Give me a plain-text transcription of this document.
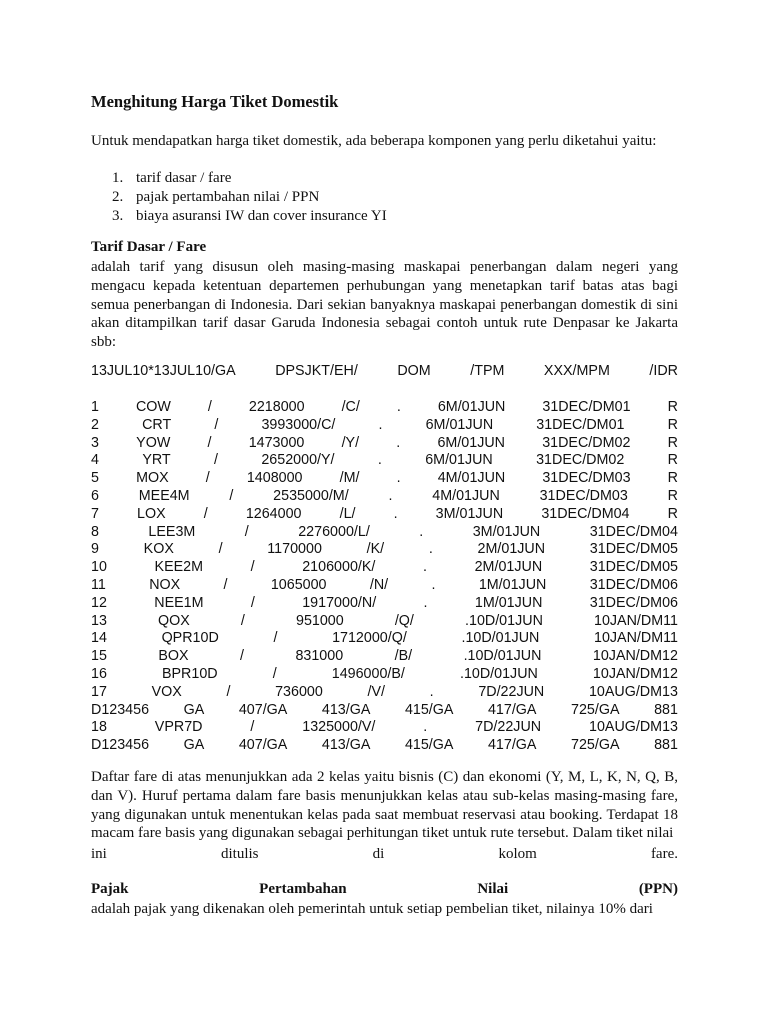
Menghitung Harga Tiket Domestik

Untuk mendapatkan harga tiket domestik, ada beberapa komponen yang perlu diketahui yaitu:

1. tarif dasar / fare
2. pajak pertambahan nilai / PPN
3. biaya asuransi IW dan cover insurance YI

Tarif Dasar / Fare

adalah tarif yang disusun oleh masing-masing maskapai penerbangan dalam negeri yang mengacu kepada ketentuan departemen perhubungan yang menetapkan tarif batas atas bagi semua penerbangan di Indonesia. Dari sekian banyaknya maskapai penerbangan domestik di sini akan ditampilkan tarif dasar Garuda Indonesia sebagai contoh untuk rute Denpasar ke Jakarta sbb:

13JUL10*13JUL10/GA	DPSJKT/EH/	DOM	/TPM	XXX/MPM	/IDR
1	COW	/	2218000	/C/	.	6M/01JUN	31DEC/DM01	R
2	CRT	/	3993000/C/	.	6M/01JUN	31DEC/DM01	R
3	YOW	/	1473000	/Y/	.	6M/01JUN	31DEC/DM02	R
4	YRT	/	2652000/Y/	.	6M/01JUN	31DEC/DM02	R
5	MOX	/	1408000	/M/	.	4M/01JUN	31DEC/DM03	R
6	MEE4M	/	2535000/M/	.	4M/01JUN	31DEC/DM03	R
7	LOX	/	1264000	/L/	.	3M/01JUN	31DEC/DM04	R
8	LEE3M	/	2276000/L/	.	3M/01JUN	31DEC/DM04
9	KOX	/	1170000	/K/	.	2M/01JUN	31DEC/DM05
10	KEE2M	/	2106000/K/	.	2M/01JUN	31DEC/DM05
11	NOX	/	1065000	/N/	.	1M/01JUN	31DEC/DM06
12	NEE1M	/	1917000/N/	.	1M/01JUN	31DEC/DM06
13	QOX	/	951000	/Q/	.10D/01JUN	10JAN/DM11
14	QPR10D	/	1712000/Q/	.10D/01JUN	10JAN/DM11
15	BOX	/	831000	/B/	.10D/01JUN	10JAN/DM12
16	BPR10D	/	1496000/B/	.10D/01JUN	10JAN/DM12
17	VOX	/	736000	/V/	.	7D/22JUN	10AUG/DM13
D123456 GA 407/GA 413/GA 415/GA 417/GA 725/GA 881
18	VPR7D	/	1325000/V/	.	7D/22JUN	10AUG/DM13
D123456 GA 407/GA 413/GA 415/GA 417/GA 725/GA 881

Daftar fare di atas menunjukkan ada 2 kelas yaitu bisnis (C) dan ekonomi (Y, M, L, K, N, Q, B, dan V). Huruf pertama dalam fare basis menunjukkan kelas atau sub-kelas masing-masing fare, yang digunakan untuk menentukan kelas pada saat membuat reservasi atau booking. Terdapat 18 macam fare basis yang digunakan sebagai perhitungan tiket untuk rute tersebut. Dalam tiket nilai

ini	ditulis	di	kolom	fare.
Pajak	Pertambahan	Nilai	(PPN)

adalah pajak yang dikenakan oleh pemerintah untuk setiap pembelian tiket, nilainya 10% dari
